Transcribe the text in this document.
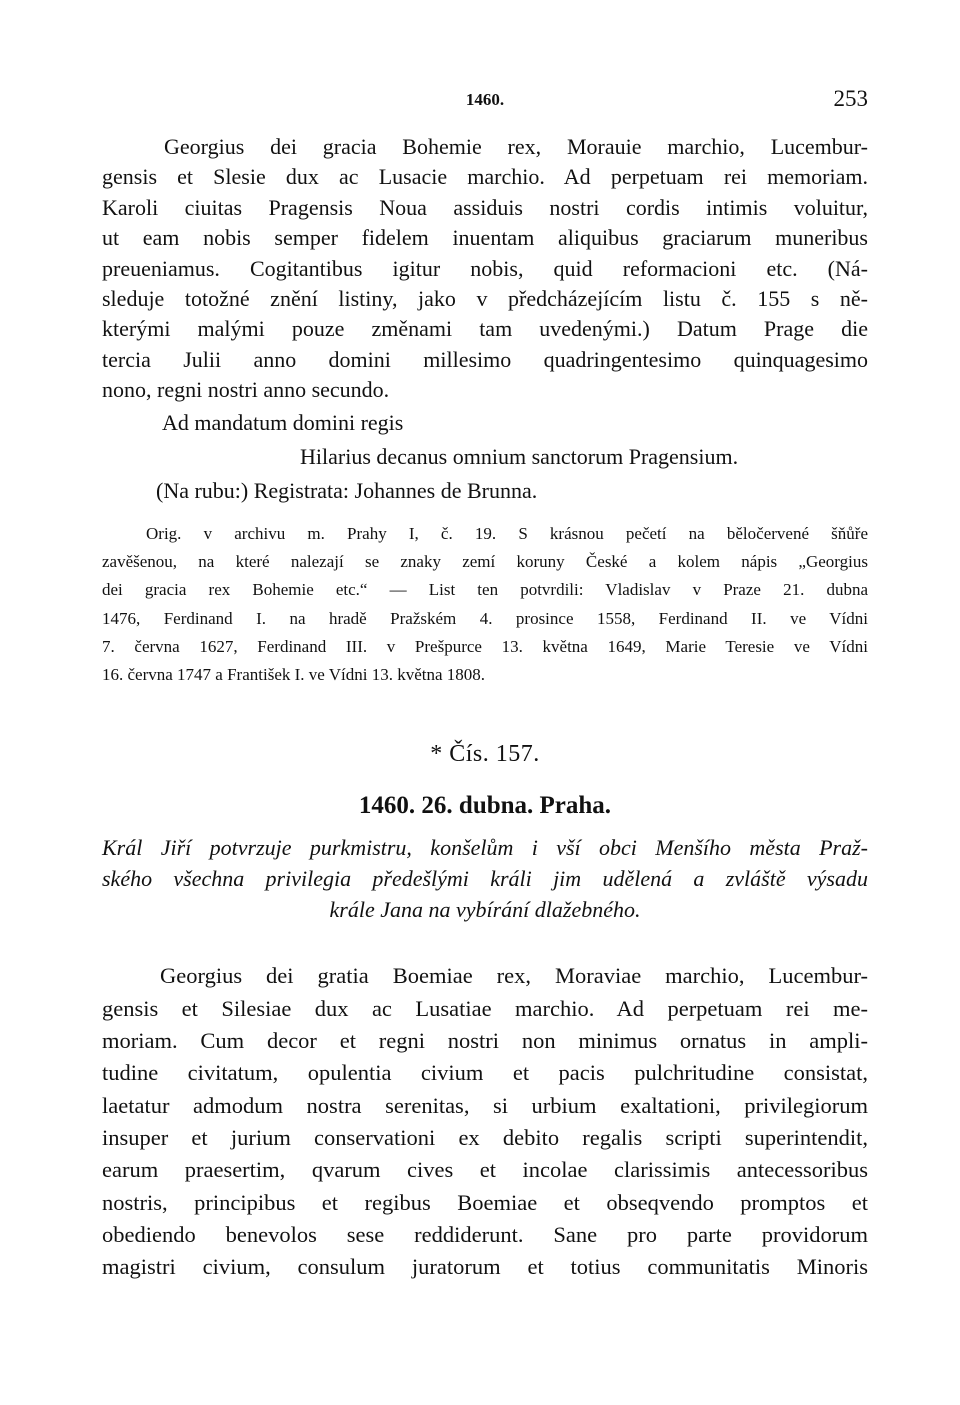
1460.	253
Georgius dei gracia Bohemie rex, Morauie marchio, Lucembur-
gensis et Slesie dux ac Lusacie marchio. Ad perpetuam rei memoriam.
Karoli ciuitas Pragensis Noua assiduis nostri cordis intimis voluitur,
ut eam nobis semper fidelem inuentam aliquibus graciarum muneribus
preueniamus. Cogitantibus igitur nobis, quid reformacioni etc. (Ná-
sleduje totožné znění listiny, jako v předcházejícím listu č. 155 s ně-
kterými malými pouze změnami tam uvedenými.) Datum Prage die
tercia Julii anno domini millesimo quadringentesimo quinquagesimo
nono, regni nostri anno secundo.
Ad mandatum domini regis
Hilarius decanus omnium sanctorum Pragensium.
(Na rubu:) Registrata: Johannes de Brunna.
Orig. v archivu m. Prahy I, č. 19. S krásnou pečetí na běločervené šňůře
zavěšenou, na které nalezají se znaky zemí koruny České a kolem nápis „Georgius
dei gracia rex Bohemie etc.“ — List ten potvrdili: Vladislav v Praze 21. dubna
1476, Ferdinand I. na hradě Pražském 4. prosince 1558, Ferdinand II. ve Vídni
7. června 1627, Ferdinand III. v Prešpurce 13. května 1649, Marie Teresie ve Vídni
16. června 1747 a František I. ve Vídni 13. května 1808.
* Čís. 157.
1460. 26. dubna. Praha.
Král Jiří potvrzuje purkmistru, konšelům i vší obci Menšího města Praž-
ského všechna privilegia předešlými králi jim udělená a zvláště výsadu
krále Jana na vybírání dlažebného.
Georgius dei gratia Boemiae rex, Moraviae marchio, Lucembur-
gensis et Silesiae dux ac Lusatiae marchio. Ad perpetuam rei me-
moriam. Cum decor et regni nostri non minimus ornatus in ampli-
tudine civitatum, opulentia civium et pacis pulchritudine consistat,
laetatur admodum nostra serenitas, si urbium exaltationi, privilegiorum
insuper et jurium conservationi ex debito regalis scripti superintendit,
earum praesertim, qvarum cives et incolae clarissimis antecessoribus
nostris, principibus et regibus Boemiae et obseqvendo promptos et
obediendo benevolos sese reddiderunt. Sane pro parte providorum
magistri civium, consulum juratorum et totius communitatis Minoris
